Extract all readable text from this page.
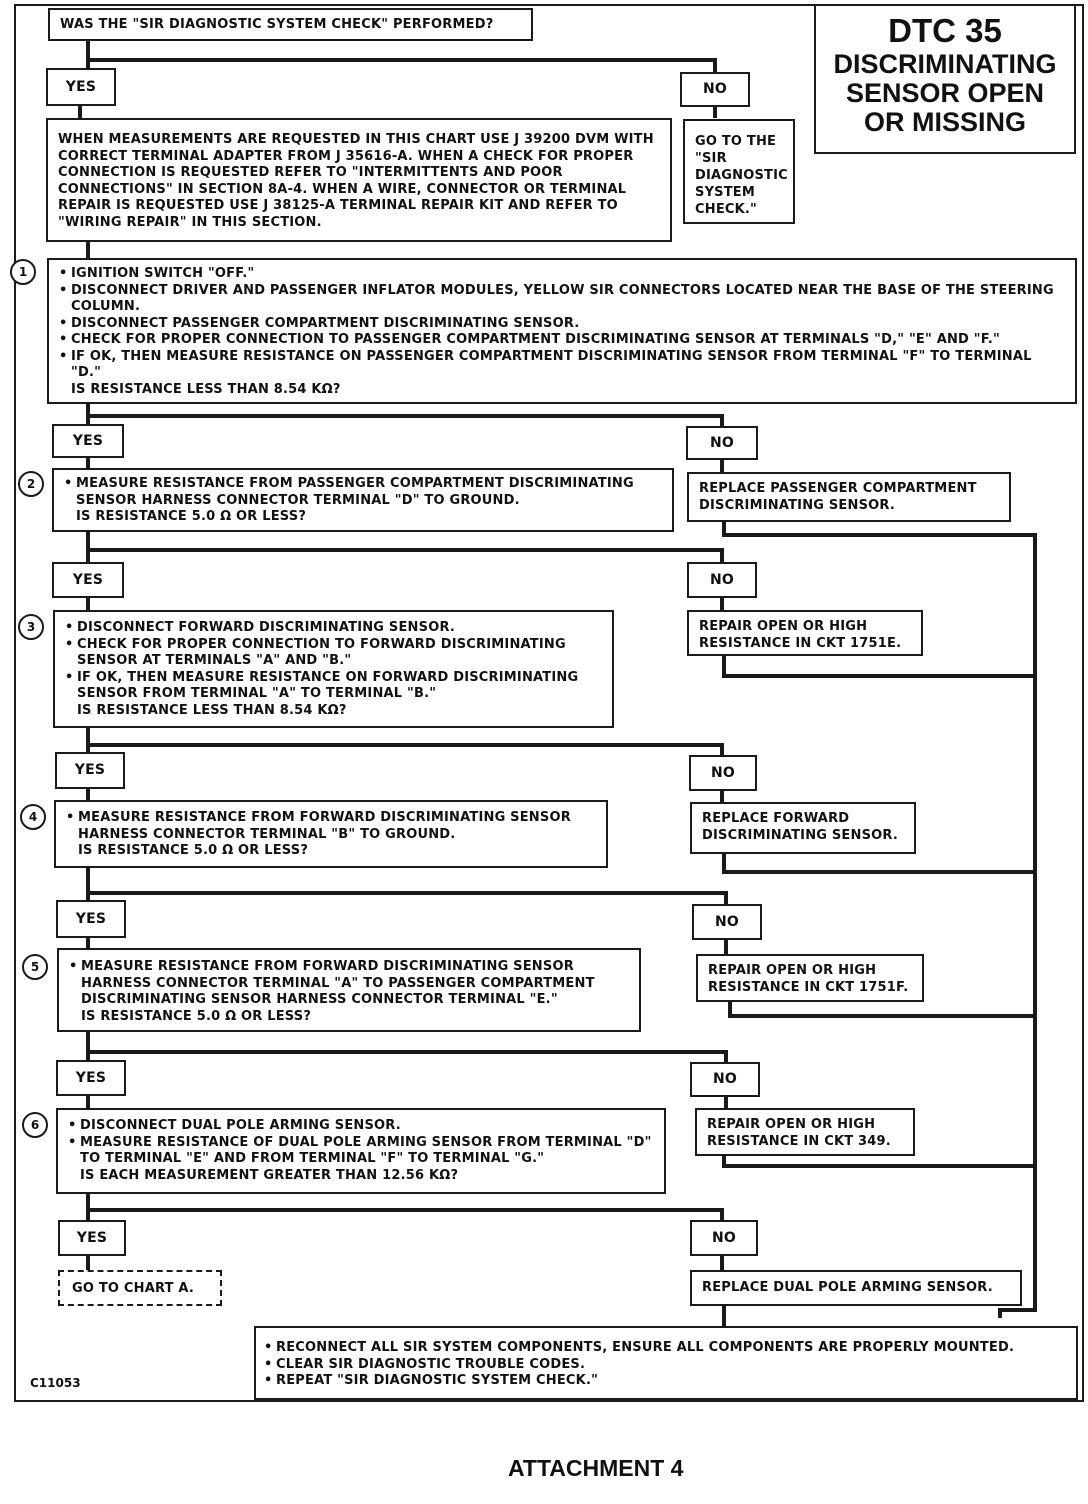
DTC 35
DISCRIMINATING
SENSOR OPEN
OR MISSING
WAS THE "SIR DIAGNOSTIC SYSTEM CHECK" PERFORMED?
YES	NO
WHEN MEASUREMENTS ARE REQUESTED IN THIS CHART USE J 39200 DVM WITH CORRECT TERMINAL ADAPTER FROM J 35616-A. WHEN A CHECK FOR PROPER CONNECTION IS REQUESTED REFER TO "INTERMITTENTS AND POOR CONNECTIONS" IN SECTION 8A-4. WHEN A WIRE, CONNECTOR OR TERMINAL REPAIR IS REQUESTED USE J 38125-A TERMINAL REPAIR KIT AND REFER TO "WIRING REPAIR" IN THIS SECTION.
GO TO THE "SIR DIAGNOSTIC SYSTEM CHECK."
1	• IGNITION SWITCH "OFF."
• DISCONNECT DRIVER AND PASSENGER INFLATOR MODULES, YELLOW SIR CONNECTORS LOCATED NEAR THE BASE OF THE STEERING COLUMN.
• DISCONNECT PASSENGER COMPARTMENT DISCRIMINATING SENSOR.
• CHECK FOR PROPER CONNECTION TO PASSENGER COMPARTMENT DISCRIMINATING SENSOR AT TERMINALS "D," "E" AND "F."
• IF OK, THEN MEASURE RESISTANCE ON PASSENGER COMPARTMENT DISCRIMINATING SENSOR FROM TERMINAL "F" TO TERMINAL "D."
IS RESISTANCE LESS THAN 8.54 KΩ?
YES	NO
REPLACE PASSENGER COMPARTMENT DISCRIMINATING SENSOR.
2	• MEASURE RESISTANCE FROM PASSENGER COMPARTMENT DISCRIMINATING SENSOR HARNESS CONNECTOR TERMINAL "D" TO GROUND.
IS RESISTANCE 5.0 Ω OR LESS?
YES	NO
REPAIR OPEN OR HIGH RESISTANCE IN CKT 1751E.
3	• DISCONNECT FORWARD DISCRIMINATING SENSOR.
• CHECK FOR PROPER CONNECTION TO FORWARD DISCRIMINATING SENSOR AT TERMINALS "A" AND "B."
• IF OK, THEN MEASURE RESISTANCE ON FORWARD DISCRIMINATING SENSOR FROM TERMINAL "A" TO TERMINAL "B."
IS RESISTANCE LESS THAN 8.54 KΩ?
YES	NO
REPLACE FORWARD DISCRIMINATING SENSOR.
4	• MEASURE RESISTANCE FROM FORWARD DISCRIMINATING SENSOR HARNESS CONNECTOR TERMINAL "B" TO GROUND.
IS RESISTANCE 5.0 Ω OR LESS?
YES	NO
REPAIR OPEN OR HIGH RESISTANCE IN CKT 1751F.
5	• MEASURE RESISTANCE FROM FORWARD DISCRIMINATING SENSOR HARNESS CONNECTOR TERMINAL "A" TO PASSENGER COMPARTMENT DISCRIMINATING SENSOR HARNESS CONNECTOR TERMINAL "E."
IS RESISTANCE 5.0 Ω OR LESS?
YES	NO
REPAIR OPEN OR HIGH RESISTANCE IN CKT 349.
6	• DISCONNECT DUAL POLE ARMING SENSOR.
• MEASURE RESISTANCE OF DUAL POLE ARMING SENSOR FROM TERMINAL "D" TO TERMINAL "E" AND FROM TERMINAL "F" TO TERMINAL "G."
IS EACH MEASUREMENT GREATER THAN 12.56 KΩ?
YES	NO
REPLACE DUAL POLE ARMING SENSOR.
GO TO CHART A.
• RECONNECT ALL SIR SYSTEM COMPONENTS, ENSURE ALL COMPONENTS ARE PROPERLY MOUNTED.
• CLEAR SIR DIAGNOSTIC TROUBLE CODES.
• REPEAT "SIR DIAGNOSTIC SYSTEM CHECK."
C11053
ATTACHMENT 4
